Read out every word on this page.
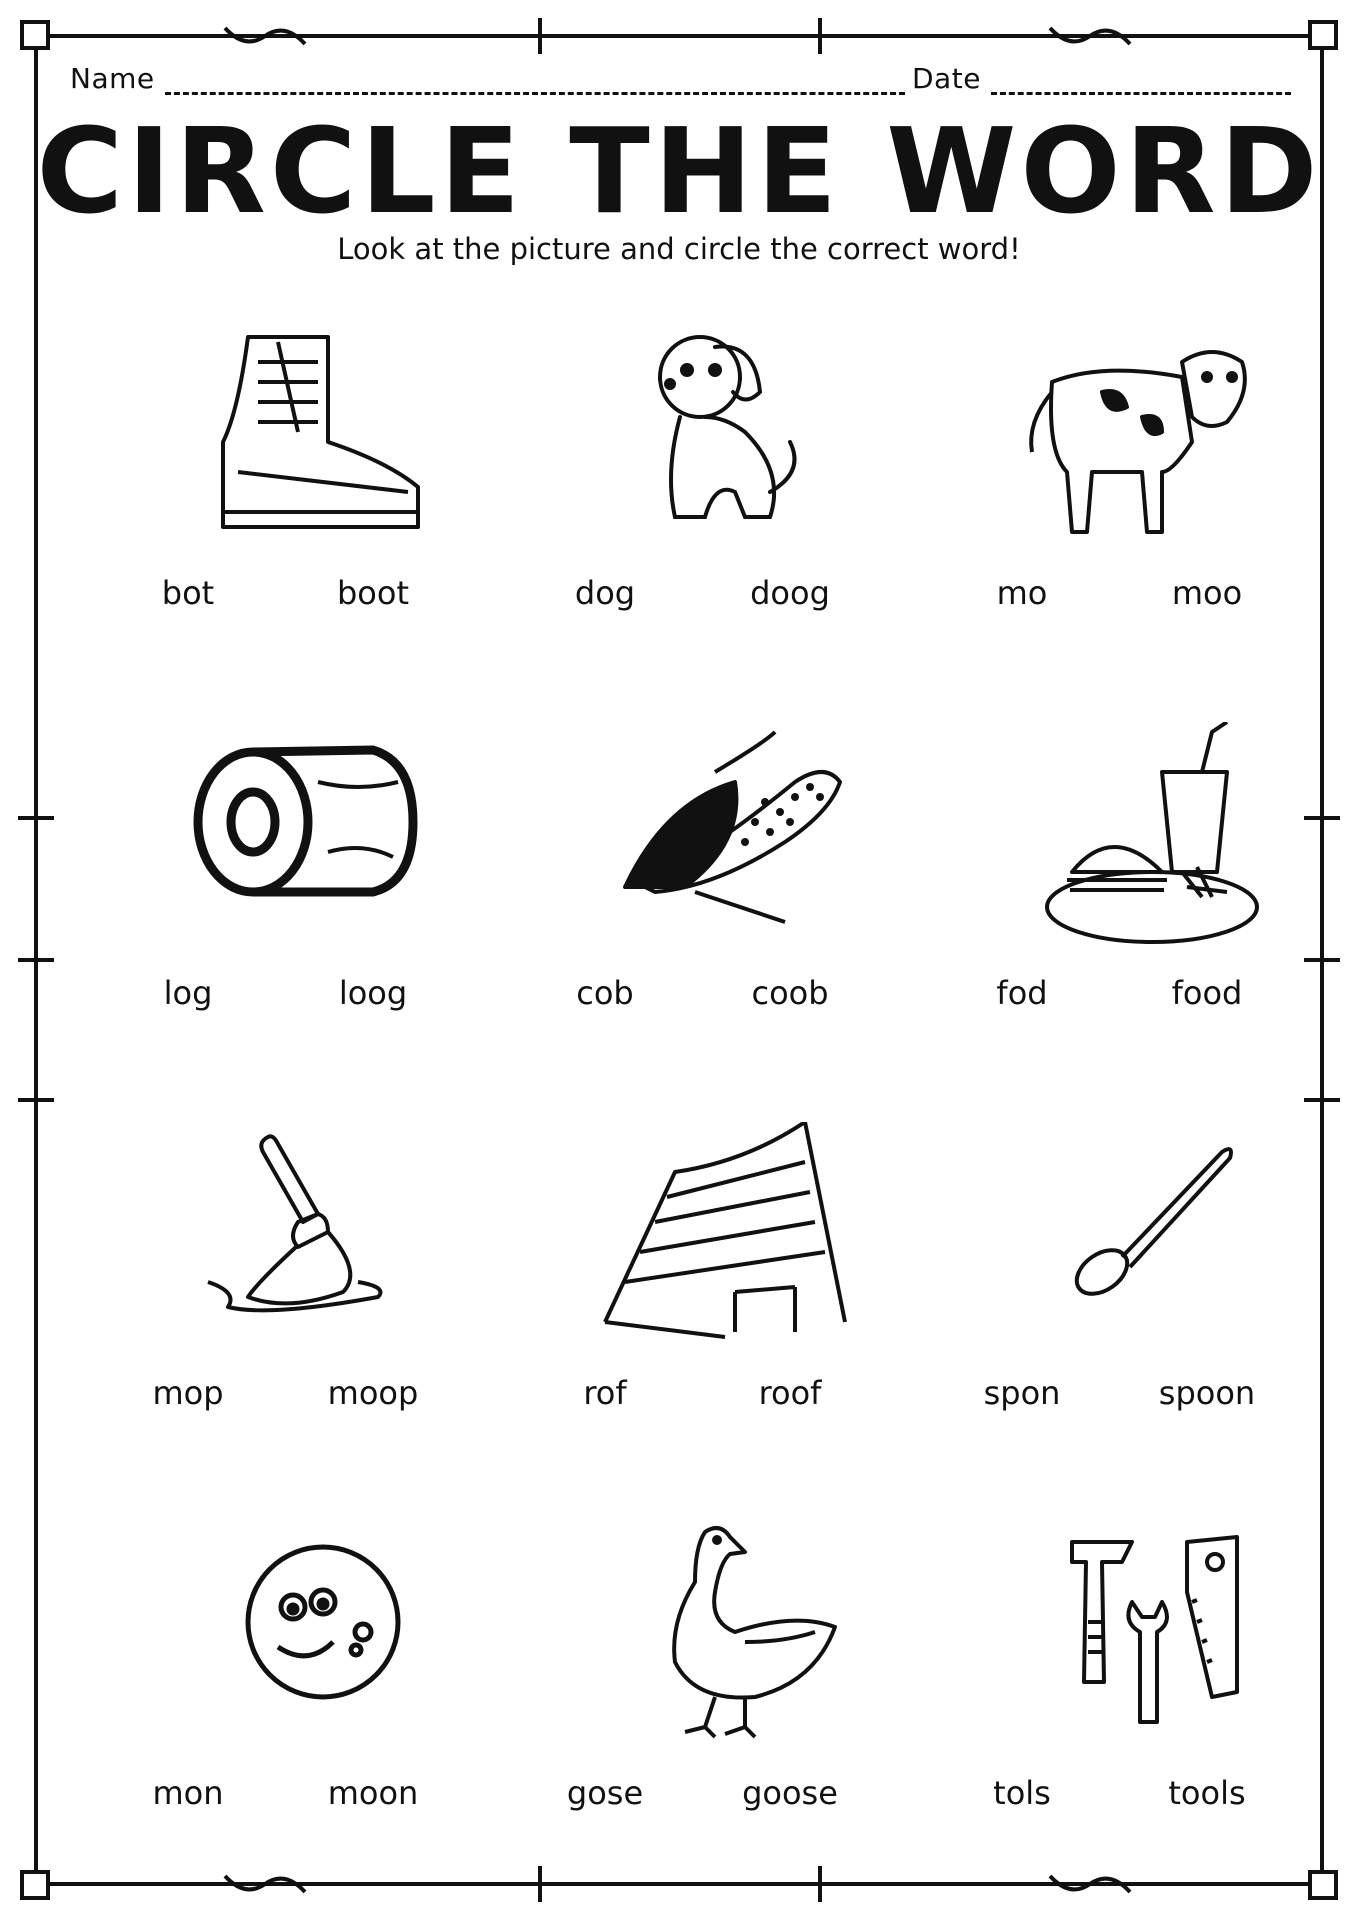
Name	Date
CIRCLE THE WORD
Look at the picture and circle the correct word!
bot	boot	dog	doog	mo	moo
log	loog	cob	coob	fod	food
mop	moop	rof	roof	spon	spoon
mon	moon	gose	goose	tols	tools
